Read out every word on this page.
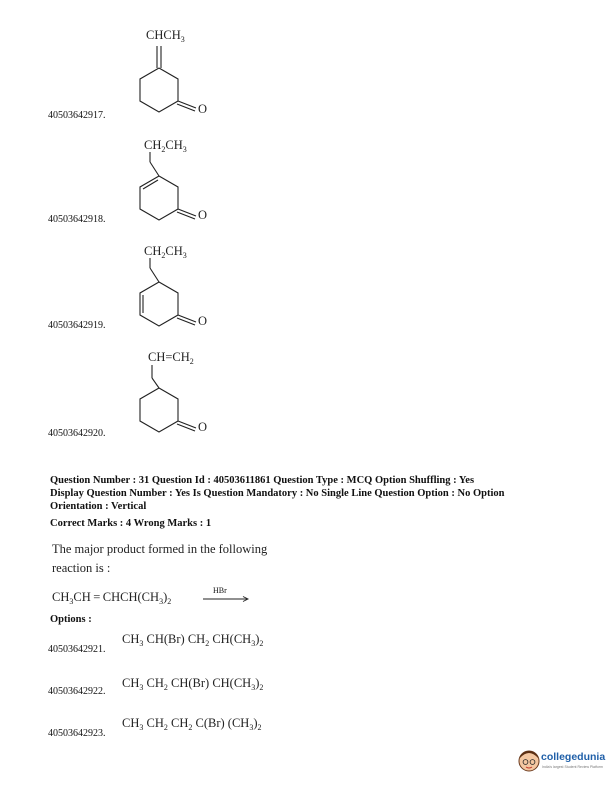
$CHCH_3$
O
40503642917.
$CH_2CH_3$
O
40503642918.
$CH_2CH_3$
O
40503642919.
$CH=CH_2$
O
40503642920.
Question Number : 31 Question Id : 40503611861 Question Type : MCQ Option Shuffling : Yes
Display Question Number : Yes Is Question Mandatory : No Single Line Question Option : No Option
Orientation : Vertical
Correct Marks : 4 Wrong Marks : 1
The major product formed in the following
reaction is :
$CH_3CH$ = $CHCH(CH_3)_2$
HBr
Options :
40503642921.
$CH_3$ CH(Br) $CH_2$ $CH(CH_3)_2$
40503642922.
$CH_3$ $CH_2$ CH(Br) $CH(CH_3)_2$
40503642923.
$CH_3$ $CH_2$ $CH_2$ C(Br) $(CH_3)_2$
collegedunia
India's largest Student Review Platform
